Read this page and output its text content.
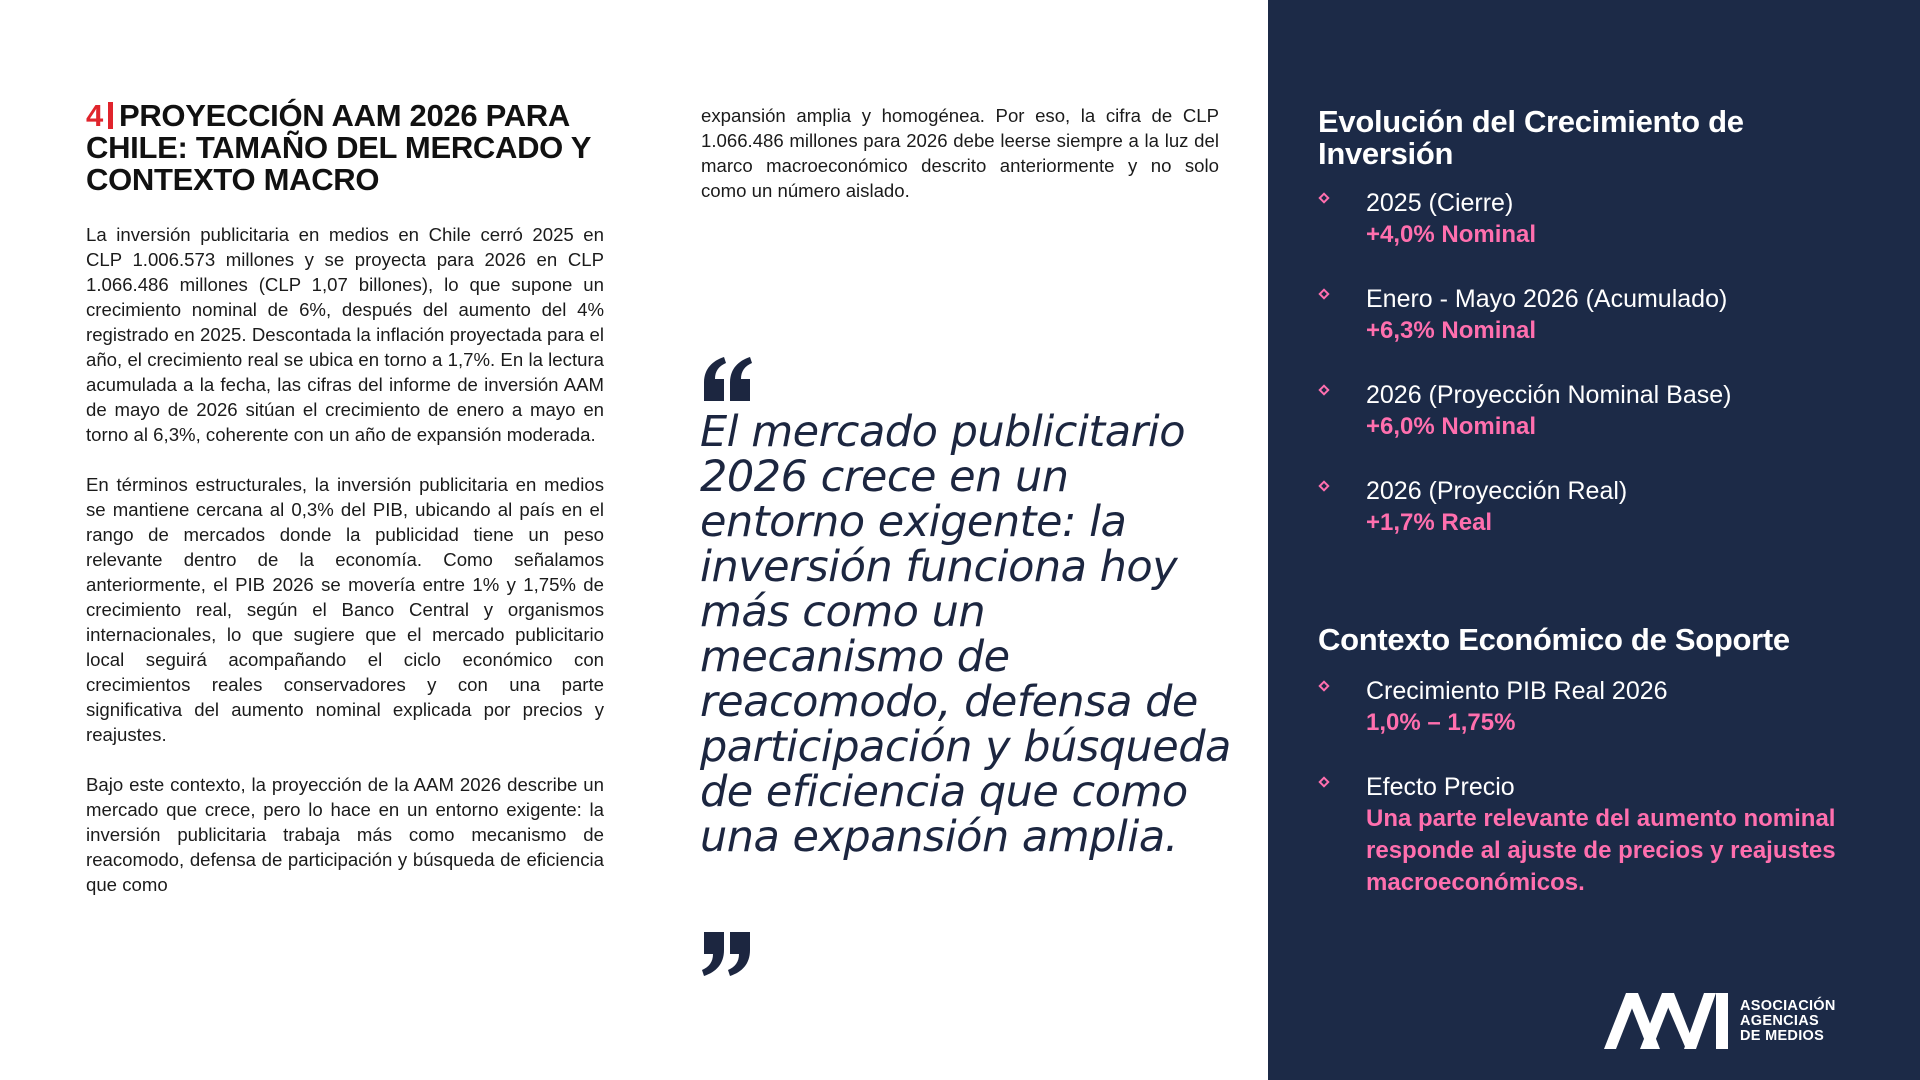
4 PROYECCIÓN AAM 2026 PARA CHILE: TAMAÑO DEL MERCADO Y CONTEXTO MACRO

La inversión publicitaria en medios en Chile cerró 2025 en CLP 1.006.573 millones y se proyecta para 2026 en CLP 1.066.486 millones (CLP 1,07 billones), lo que supone un crecimiento nominal de 6%, después del aumento del 4% registrado en 2025. Descontada la inflación proyectada para el año, el crecimiento real se ubica en torno a 1,7%. En la lectura acumulada a la fecha, las cifras del informe de inversión AAM de mayo de 2026 sitúan el crecimiento de enero a mayo en torno al 6,3%, coherente con un año de expansión moderada.

En términos estructurales, la inversión publicitaria en medios se mantiene cercana al 0,3% del PIB, ubicando al país en el rango de mercados donde la publicidad tiene un peso relevante dentro de la economía. Como señalamos anteriormente, el PIB 2026 se movería entre 1% y 1,75% de crecimiento real, según el Banco Central y organismos internacionales, lo que sugiere que el mercado publicitario local seguirá acompañando el ciclo económico con crecimientos reales conservadores y con una parte significativa del aumento nominal explicada por precios y reajustes.

Bajo este contexto, la proyección de la AAM 2026 describe un mercado que crece, pero lo hace en un entorno exigente: la inversión publicitaria trabaja más como mecanismo de reacomodo, defensa de participación y búsqueda de eficiencia que como

expansión amplia y homogénea. Por eso, la cifra de CLP 1.066.486 millones para 2026 debe leerse siempre a la luz del marco macroeconómico descrito anteriormente y no solo como un número aislado.

El mercado publicitario 2026 crece en un entorno exigente: la inversión funciona hoy más como un mecanismo de reacomodo, defensa de participación y búsqueda de eficiencia que como una expansión amplia.

Evolución del Crecimiento de Inversión
2025 (Cierre)
+4,0% Nominal
Enero - Mayo 2026 (Acumulado)
+6,3% Nominal
2026 (Proyección Nominal Base)
+6,0% Nominal
2026 (Proyección Real)
+1,7% Real
Contexto Económico de Soporte
Crecimiento PIB Real 2026
1,0% – 1,75%
Efecto Precio
Una parte relevante del aumento nominal responde al ajuste de precios y reajustes macroeconómicos.
ASOCIACIÓN
AGENCIAS
DE MEDIOS
